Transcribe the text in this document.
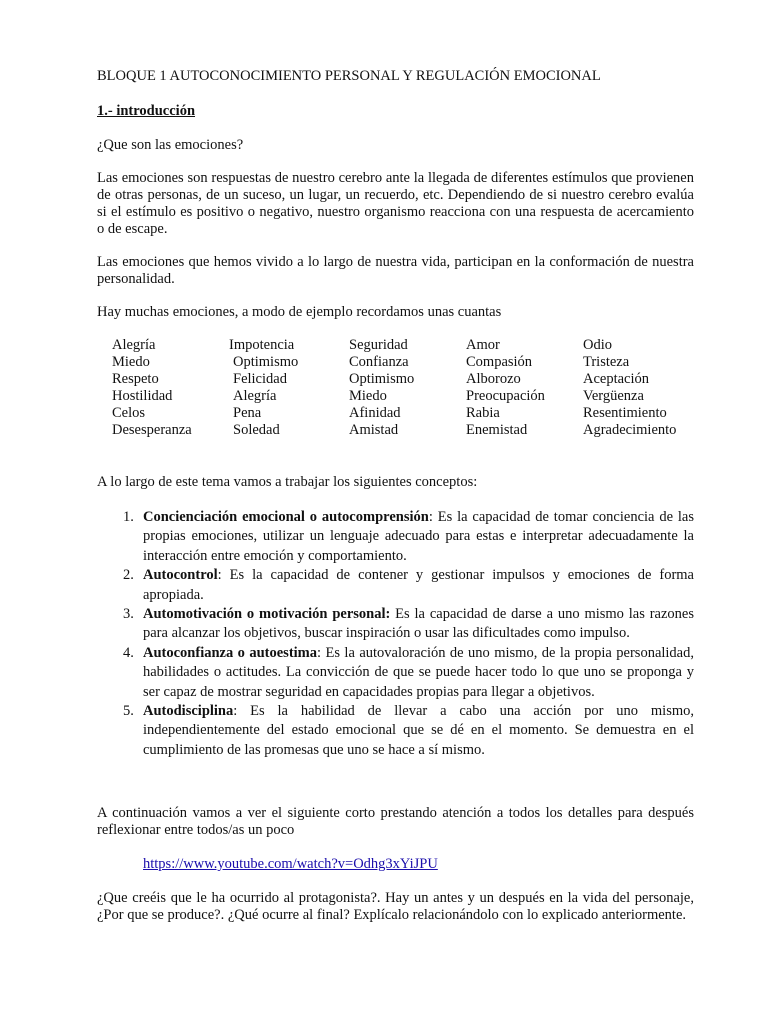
BLOQUE 1 AUTOCONOCIMIENTO PERSONAL Y REGULACIÓN EMOCIONAL

1.- introducción

¿Que son las emociones?

Las emociones son respuestas de nuestro cerebro ante la llegada de diferentes estímulos que provienen de otras personas, de un suceso, un lugar, un recuerdo, etc. Dependiendo de si nuestro cerebro evalúa si el estímulo es positivo o negativo, nuestro organismo reacciona con una respuesta de acercamiento o de escape.

Las emociones que hemos vivido a lo largo de nuestra vida, participan en la conformación de nuestra personalidad.

Hay muchas emociones, a modo de ejemplo recordamos unas cuantas

Alegría
Miedo
Respeto
Hostilidad
Celos
Desesperanza
Impotencia
Optimismo
Felicidad
Alegría
Pena
Soledad
Seguridad
Confianza
Optimismo
Miedo
Afinidad
Amistad
Amor
Compasión
Alborozo
Preocupación
Rabia
Enemistad
Odio
Tristeza
Aceptación
Vergüenza
Resentimiento
Agradecimiento

A lo largo de este tema vamos a trabajar los siguientes conceptos:

1. Concienciación emocional o autocomprensión: Es la capacidad de tomar conciencia de las propias emociones, utilizar un lenguaje adecuado para estas e interpretar adecuadamente la interacción entre emoción y comportamiento.
2. Autocontrol: Es la capacidad de contener y gestionar impulsos y emociones de forma apropiada.
3. Automotivación o motivación personal: Es la capacidad de darse a uno mismo las razones para alcanzar los objetivos, buscar inspiración o usar las dificultades como impulso.
4. Autoconfianza o autoestima: Es la autovaloración de uno mismo, de la propia personalidad, habilidades o actitudes. La convicción de que se puede hacer todo lo que uno se proponga y ser capaz de mostrar seguridad en capacidades propias para llegar a objetivos.
5. Autodisciplina: Es la habilidad de llevar a cabo una acción por uno mismo, independientemente del estado emocional que se dé en el momento. Se demuestra en el cumplimiento de las promesas que uno se hace a sí mismo.

A continuación vamos a ver el siguiente corto prestando atención a todos los detalles para después reflexionar entre todos/as un poco

https://www.youtube.com/watch?v=Odhg3xYiJPU

¿Que creéis que le ha ocurrido al protagonista?. Hay un antes y un después en la vida del personaje, ¿Por que se produce?. ¿Qué ocurre al final? Explícalo relacionándolo con lo explicado anteriormente.
